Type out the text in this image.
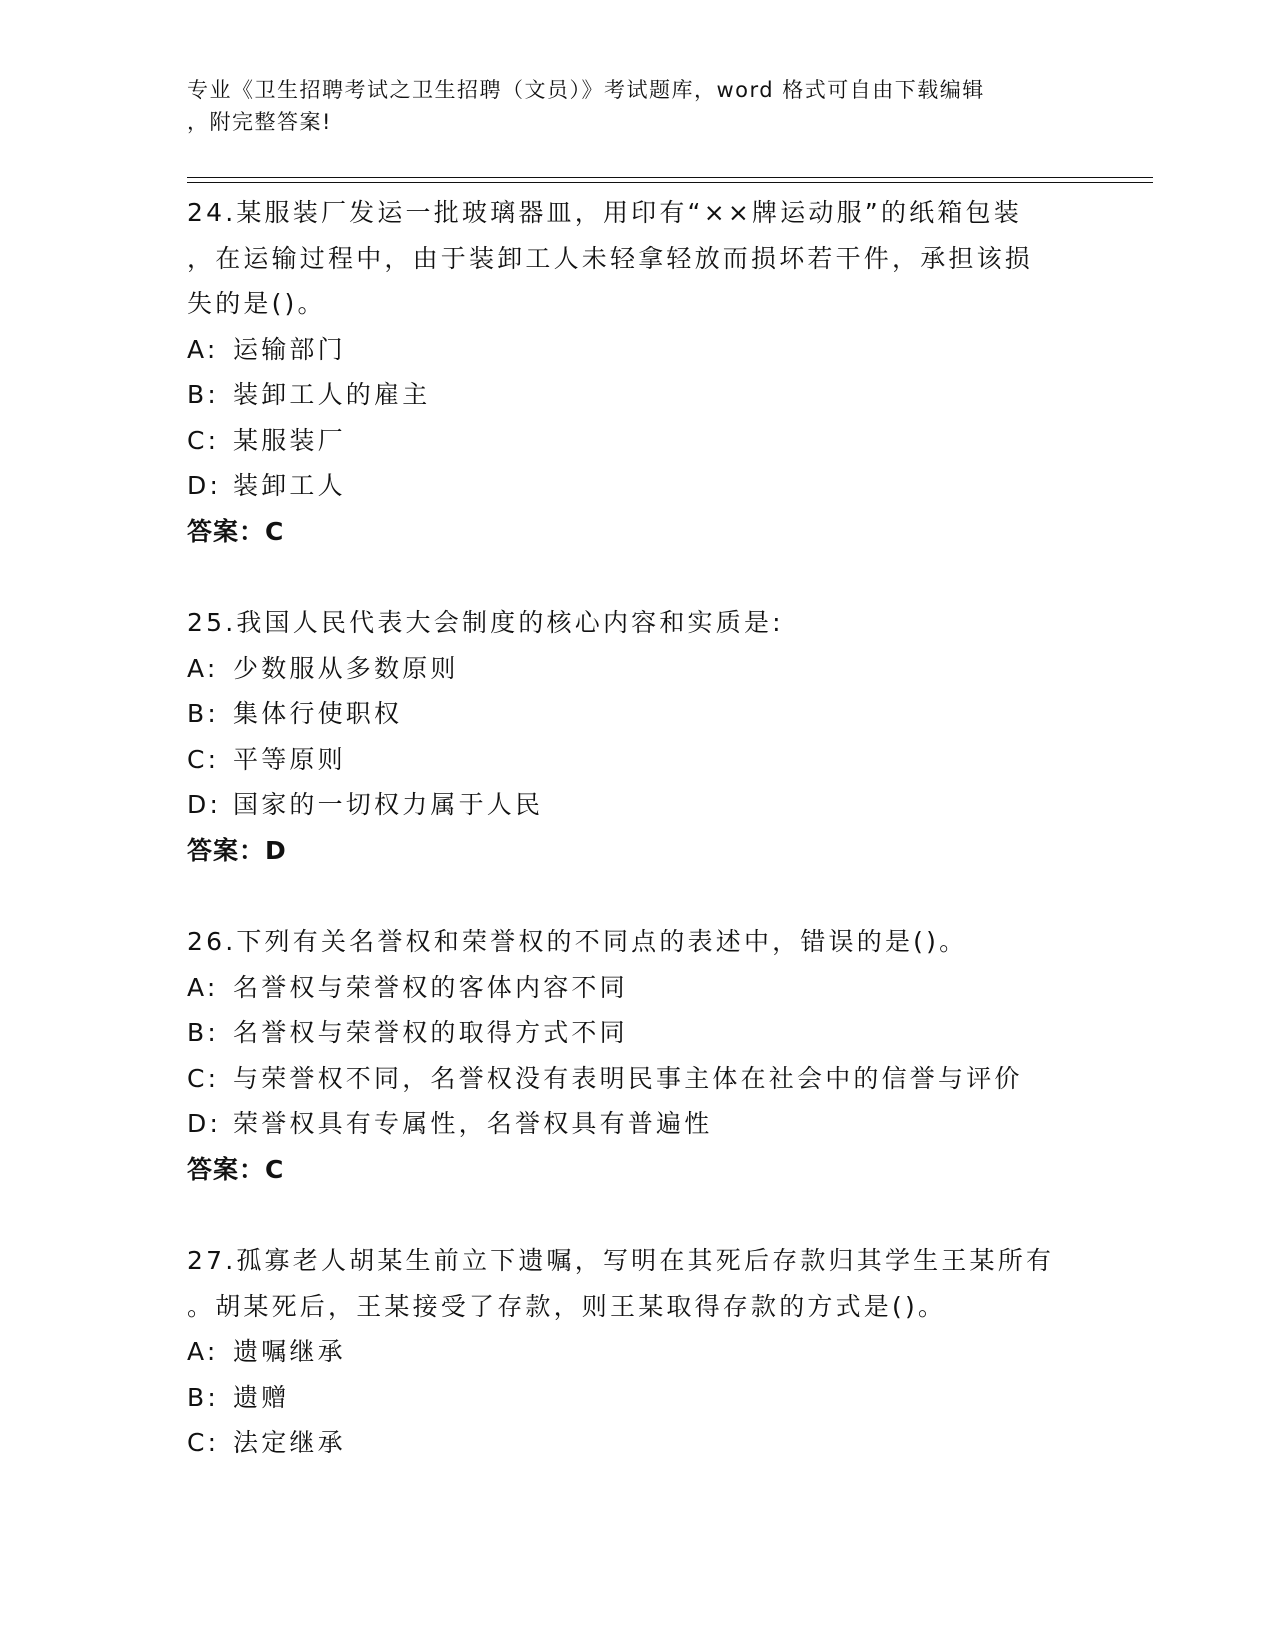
专业《卫生招聘考试之卫生招聘（文员）》考试题库，word 格式可自由下载编辑
，附完整答案!
24.某服装厂发运一批玻璃器皿，用印有“××牌运动服”的纸箱包装
，在运输过程中，由于装卸工人未轻拿轻放而损坏若干件，承担该损
失的是()。
A: 运输部门
B: 装卸工人的雇主
C: 某服装厂
D: 装卸工人
答案：C
25.我国人民代表大会制度的核心内容和实质是:
A: 少数服从多数原则
B: 集体行使职权
C: 平等原则
D: 国家的一切权力属于人民
答案：D
26.下列有关名誉权和荣誉权的不同点的表述中，错误的是()。
A: 名誉权与荣誉权的客体内容不同
B: 名誉权与荣誉权的取得方式不同
C: 与荣誉权不同，名誉权没有表明民事主体在社会中的信誉与评价
D: 荣誉权具有专属性，名誉权具有普遍性
答案：C
27.孤寡老人胡某生前立下遗嘱，写明在其死后存款归其学生王某所有
。胡某死后，王某接受了存款，则王某取得存款的方式是()。
A: 遗嘱继承
B: 遗赠
C: 法定继承
